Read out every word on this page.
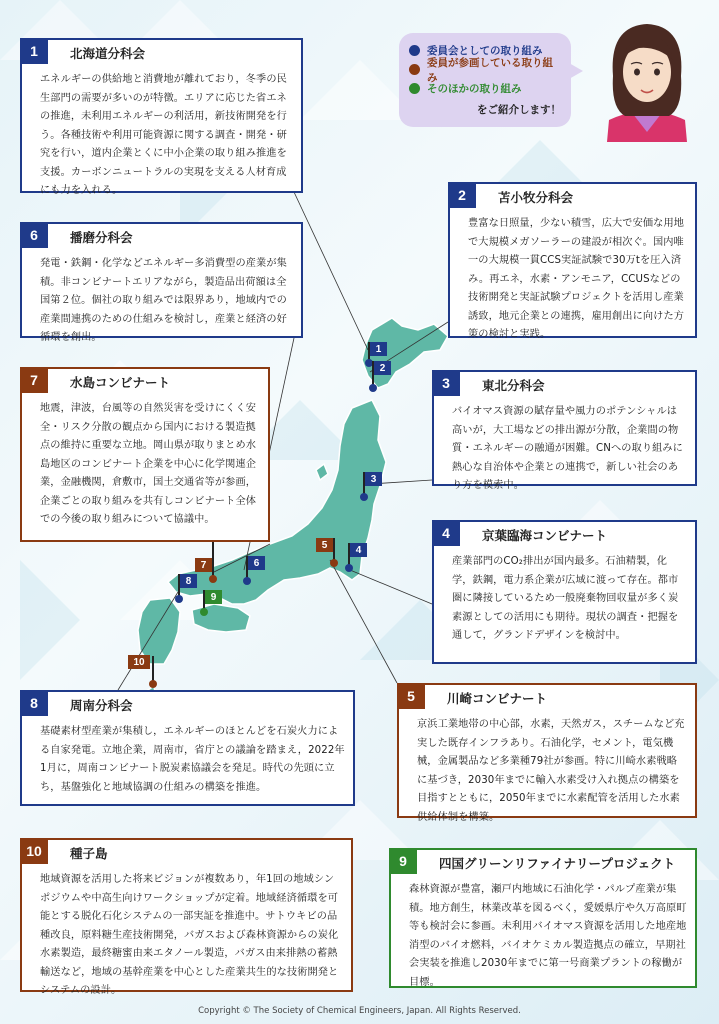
1
2
3
4
5
6
7
8
9
10
委員会としての取り組み
委員が参画している取り組み
そのほかの取り組み
をご紹介します！
1	北海道分科会
エネルギーの供給地と消費地が離れており，冬季の民生部門の需要が多いのが特徴。エリアに応じた省エネの推進，未利用エネルギーの利活用，新技術開発を行う。各種技術や利用可能資源に関する調査・開発・研究を行い，道内企業とくに中小企業の取り組み推進を支援。カーボンニュートラルの実現を支える人材育成にも力を入れる。	2	苫小牧分科会
豊富な日照量，少ない積雪，広大で安価な用地で大規模メガソーラーの建設が相次ぐ。国内唯一の大規模一貫CCS実証試験で30万tを圧入済み。再エネ，水素・アンモニア，CCUSなどの技術開発と実証試験プロジェクトを活用し産業誘致，地元企業との連携，雇用創出に向けた方策の検討と実践。
6	播磨分科会
発電・鉄鋼・化学などエネルギー多消費型の産業が集積。非コンビナートエリアながら，製造品出荷額は全国第２位。個社の取り組みでは限界あり，地域内での産業間連携のための仕組みを検討し，産業と経済の好循環を創出。
7	水島コンビナート
地震，津波，台風等の自然災害を受けにくく安全・リスク分散の観点から国内における製造拠点の維持に重要な立地。岡山県が取りまとめ水島地区のコンビナート企業を中心に化学関連企業，金融機関，倉敷市，国土交通省等が参画，企業ごとの取り組みを共有しコンビナート全体での今後の取り組みについて協議中。
3	東北分科会
バイオマス資源の賦存量や風力のポテンシャルは高いが，大工場などの排出源が分散，企業間の物質・エネルギーの融通が困難。CNへの取り組みに熱心な自治体や企業との連携で，新しい社会のあり方を模索中。
4	京葉臨海コンビナート
産業部門のCO₂排出が国内最多。石油精製，化学，鉄鋼，電力系企業が広域に渡って存在。都市圏に隣接しているため一般廃棄物回収量が多く炭素源としての活用にも期待。現状の調査・把握を通して，グランドデザインを検討中。
5	川崎コンビナート
京浜工業地帯の中心部，水素，天然ガス，スチームなど充実した既存インフラあり。石油化学，セメント，電気機械，金属製品など多業種79社が参画。特に川崎水素戦略に基づき，2030年までに輸入水素受け入れ拠点の構築を目指すとともに，2050年までに水素配管を活用した水素供給体制を構築。
8	周南分科会
基礎素材型産業が集積し，エネルギーのほとんどを石炭火力による自家発電。立地企業，周南市，省庁との議論を踏まえ，2022年1月に，周南コンビナート脱炭素協議会を発足。時代の先頭に立ち，基盤強化と地域協調の仕組みの構築を推進。
10	種子島
地域資源を活用した将来ビジョンが複数あり，年1回の地域シンポジウムや中高生向けワークショップが定着。地域経済循環を可能とする脱化石化システムの一部実証を推進中。サトウキビの品種改良，原料糖生産技術開発，バガスおよび森林資源からの炭化水素製造，最終糖蜜由来エタノール製造，バガス由来排熱の蓄熱輸送など，地域の基幹産業を中心とした産業共生的な技術開発とシステムの設計。
9	四国グリーンリファイナリープロジェクト
森林資源が豊富，瀬戸内地域に石油化学・パルプ産業が集積。地方創生，林業改革を図るべく，愛媛県庁や久万高原町等も検討会に参画。未利用バイオマス資源を活用した地産地消型のバイオ燃料，バイオケミカル製造拠点の確立，早期社会実装を推進し2030年までに第一号商業プラントの稼働が目標。
Copyright © The Society of Chemical Engineers, Japan. All Rights Reserved.
